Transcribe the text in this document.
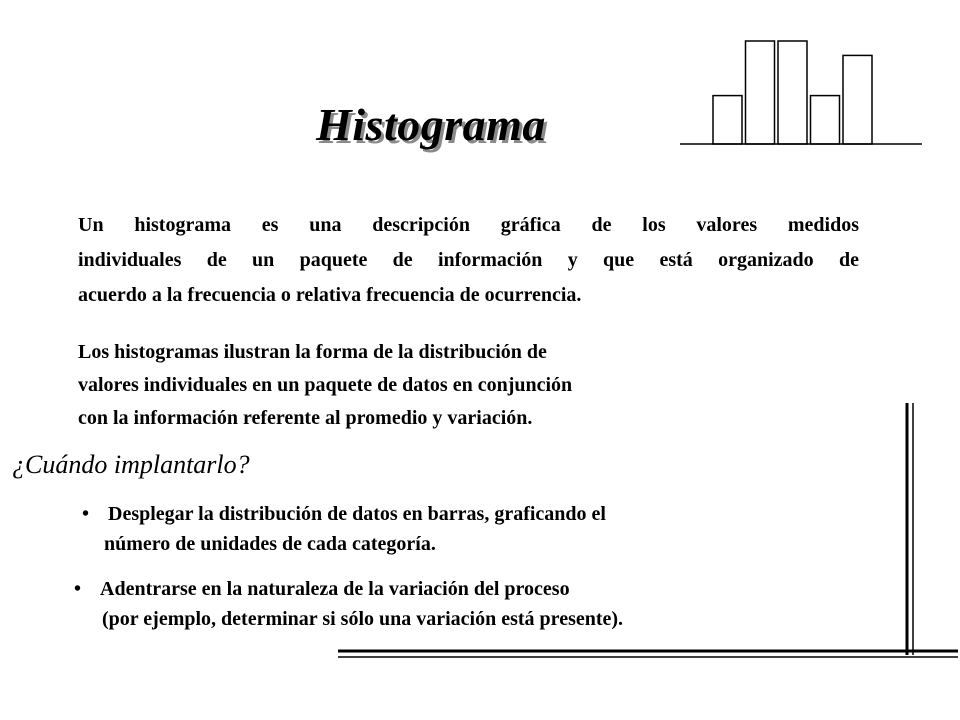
Histograma
Un histograma es una descripción gráfica de los valores medidos
individuales de un paquete de información y que está organizado de
acuerdo a la frecuencia o relativa frecuencia de ocurrencia.
Los histogramas ilustran la forma de la distribución de
valores individuales en un paquete de datos en conjunción
con la información referente al promedio y variación.
¿Cuándo implantarlo?
• Desplegar la distribución de datos en barras, graficando el
número de unidades de cada categoría.
• Adentrarse en la naturaleza de la variación del proceso
(por ejemplo, determinar si sólo una variación está presente).
